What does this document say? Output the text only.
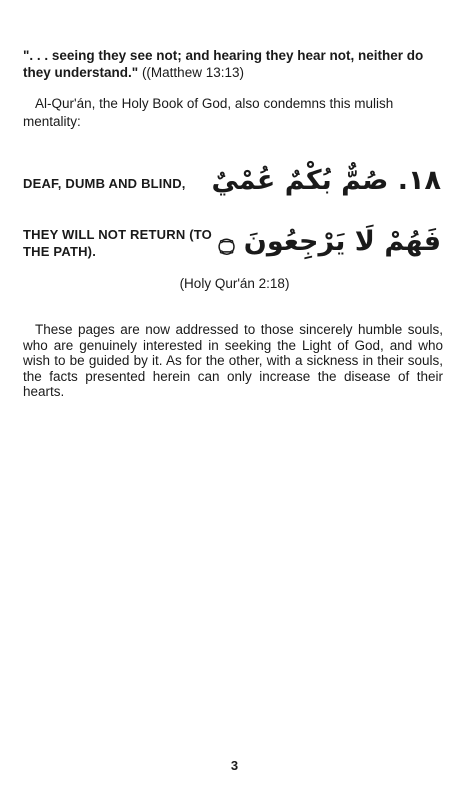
". . . seeing they see not; and hearing they hear not, neither do they understand." ((Matthew 13:13)
Al-Qur'án, the Holy Book of God, also condemns this mulish mentality:
DEAF, DUMB AND BLIND, ١٨. صُمٌّ بُكْمٌ عُمْيٌ
THEY WILL NOT RETURN (TO THE PATH).	فَهُمْ لَا يَرْجِعُونَ ۝
(Holy Qur'án 2:18)
These pages are now addressed to those sincerely humble souls, who are genuinely interested in seeking the Light of God, and who wish to be guided by it. As for the other, with a sickness in their souls, the facts presented herein can only increase the disease of their hearts.
3
